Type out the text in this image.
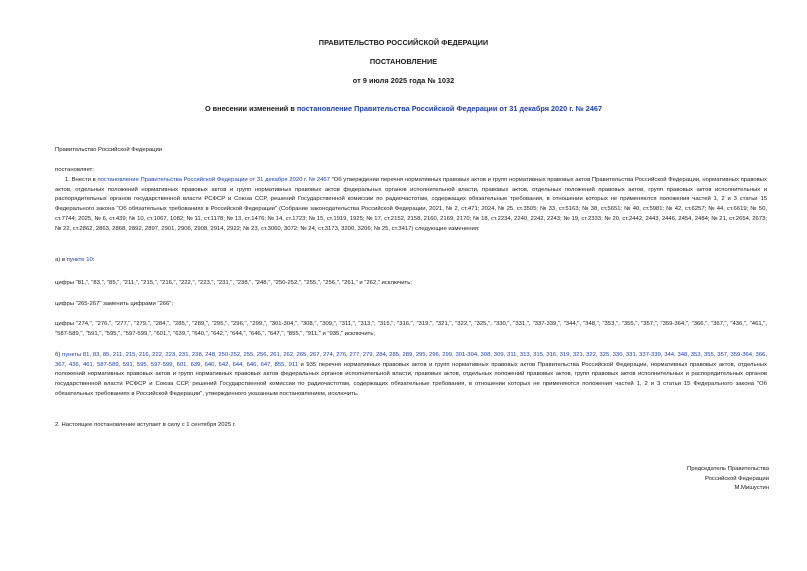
ПРАВИТЕЛЬСТВО РОССИЙСКОЙ ФЕДЕРАЦИИ
ПОСТАНОВЛЕНИЕ
от 9 июля 2025 года № 1032
О внесении изменений в постановление Правительства Российской Федерации от 31 декабря 2020 г. № 2467
Правительство Российской Федерации
постановляет:
1. Внести в постановление Правительства Российской Федерации от 31 декабря 2020 г. № 2467 "Об утверждении перечня нормативных правовых актов и групп нормативных правовых актов Правительства Российской Федерации, нормативных правовых актов, отдельных положений нормативных правовых актов и групп нормативных правовых актов федеральных органов исполнительной власти, правовых актов, отдельных положений правовых актов, групп правовых актов исполнительных и распорядительных органов государственной власти РСФСР и Союза ССР, решений Государственной комиссии по радиочастотам, содержащих обязательные требования, в отношении которых не применяются положения частей 1, 2 и 3 статьи 15 Федерального закона "Об обязательных требованиях в Российской Федерации" (Собрание законодательства Российской Федерации, 2021, № 2, ст.471; 2024, № 25, ст.3505; № 33, ст.5163; № 38, ст.5651; № 40, ст.5981; № 42, ст.6257; № 44, ст.6619; № 50, ст.7744; 2025, № 6, ст.439; № 10, ст.1067, 1082; № 11, ст.1178; № 13, ст.1476; № 14, ст.1723; № 15, ст.1919, 1925; № 17, ст.2152, 2158, 2160, 2169, 2170; № 18, ст.2234, 2240, 2242, 2243; № 19, ст.2333; № 20, ст.2442, 2443, 2446, 2454, 2484; № 21, ст.2654, 2673; № 22, ст.2862, 2863, 2868, 2892, 2897, 2901, 2906, 2908, 2914, 2922; № 23, ст.3060, 3072; № 24, ст.3173, 3200, 3206; № 25, ст.3417) следующие изменения:
а) в пункте 10:
цифры "81,", "83,", "85,", "211,", "215,", "216,", "222,", "223,", "231,", "238,", "248,", "250-252,", "255,", "256,", "261," и "262," исключить;
цифры "265-267" заменить цифрами "266";
цифры "274,", "276,", "277,", "279,", "284,", "285,", "289,", "295,", "296,", "299,", "301-304,", "308,", "309,", "311,", "313,", "315,", "316,", "319,", "321,", "322,", "325,", "330,", "331,", "337-339,", "344,", "348,", "353,", "355,", "357,", "359-364,", "366,", "367,", "436,", "461,", "587-589,", "591,", "595,", "597-599,", "601,", "639,", "640,", "642,", "644,", "646,", "647,", "855,", "911," и "935," исключить;
б) пункты 81, 83, 85, 211, 215, 216, 222, 223, 231, 238, 248, 250-252, 255, 256, 261, 262, 265, 267, 274, 276, 277, 279, 284, 285, 289, 295, 296, 299, 301-304, 308, 309, 311, 313, 315, 316, 319, 321, 322, 325, 330, 331, 337-339, 344, 348, 353, 355, 357, 359-364, 366, 367, 436, 461, 587-589, 591, 595, 597-599, 601, 639, 640, 642, 644, 646, 647, 855, 911 и 935 перечня нормативных правовых актов и групп нормативных правовых актов Правительства Российской Федерации, нормативных правовых актов, отдельных положений нормативных правовых актов и групп нормативных правовых актов федеральных органов исполнительной власти, правовых актов, отдельных положений правовых актов, групп правовых актов исполнительных и распорядительных органов государственной власти РСФСР и Союза ССР, решений Государственной комиссии по радиочастотам, содержащих обязательные требования, в отношении которых не применяются положения частей 1, 2 и 3 статьи 15 Федерального закона "Об обязательных требованиях в Российской Федерации", утвержденного указанным постановлением, исключить.
2. Настоящее постановление вступает в силу с 1 сентября 2025 г.
Председатель Правительства
Российской Федерации
М.Мишустин
